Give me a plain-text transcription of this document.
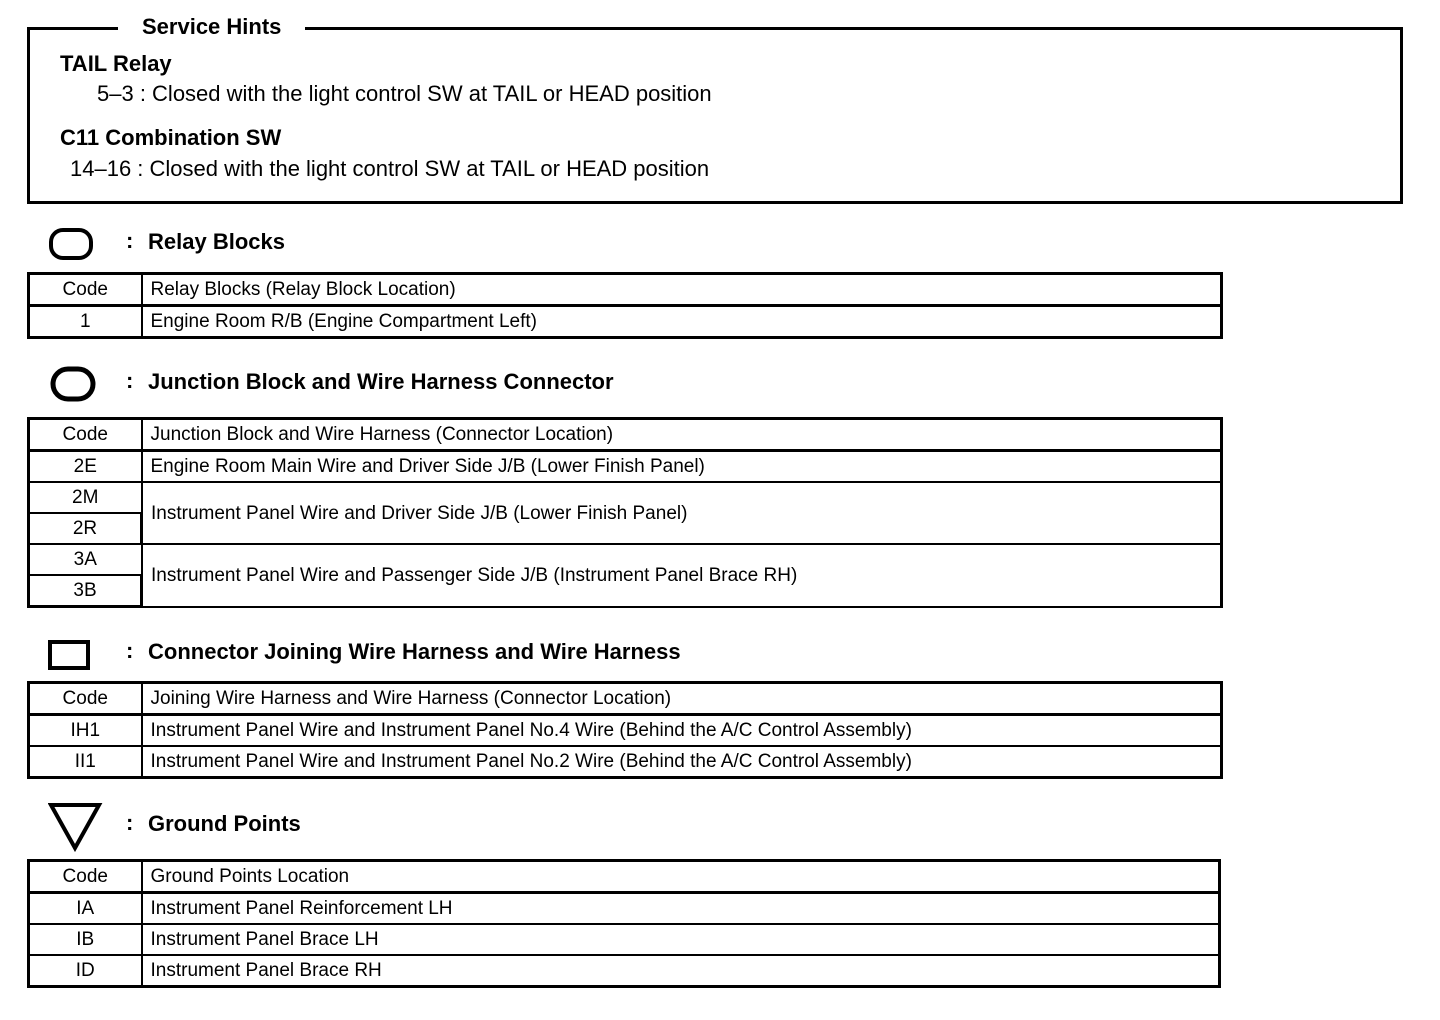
Service Hints
TAIL Relay
5–3 : Closed with the light control SW at TAIL or HEAD position
C11 Combination SW
14–16 : Closed with the light control SW at TAIL or HEAD position
: Relay Blocks
Code	Relay Blocks (Relay Block Location)
1	Engine Room R/B (Engine Compartment Left)
: Junction Block and Wire Harness Connector
Code	Junction Block and Wire Harness (Connector Location)
2E	Engine Room Main Wire and Driver Side J/B (Lower Finish Panel)
2M	Instrument Panel Wire and Driver Side J/B (Lower Finish Panel)
2R	
3A	Instrument Panel Wire and Passenger Side J/B (Instrument Panel Brace RH)
3B	
: Connector Joining Wire Harness and Wire Harness
Code	Joining Wire Harness and Wire Harness (Connector Location)
IH1	Instrument Panel Wire and Instrument Panel No.4 Wire (Behind the A/C Control Assembly)
II1	Instrument Panel Wire and Instrument Panel No.2 Wire (Behind the A/C Control Assembly)
: Ground Points
Code	Ground Points Location
IA	Instrument Panel Reinforcement LH
IB	Instrument Panel Brace LH
ID	Instrument Panel Brace RH
